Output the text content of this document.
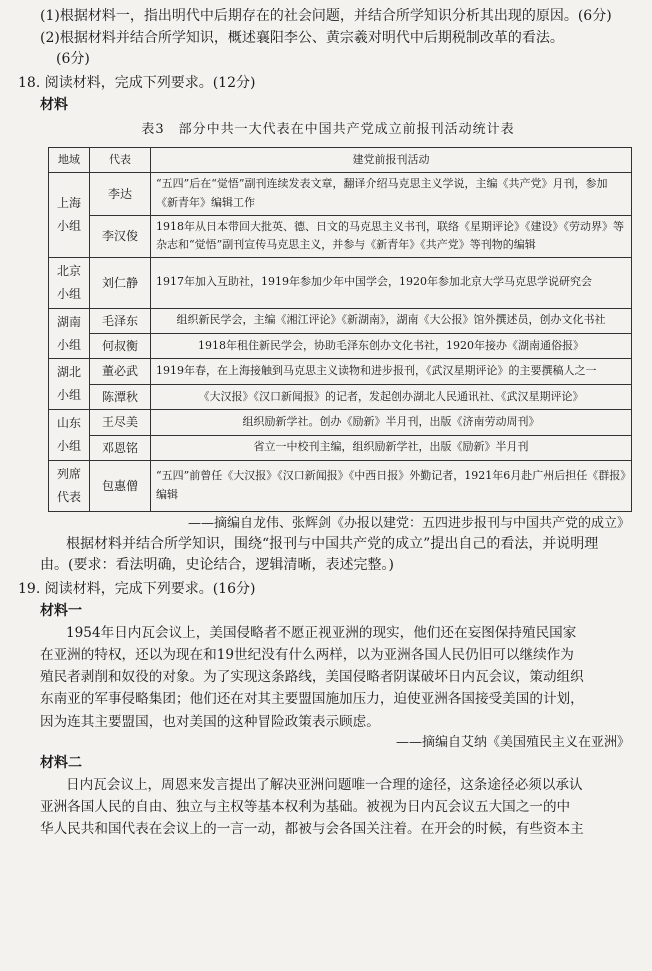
(1)根据材料一，指出明代中后期存在的社会问题，并结合所学知识分析其出现的原因。(6分)
(2)根据材料并结合所学知识，概述襄阳李公、黄宗羲对明代中后期税制改革的看法。
(6分)
18. 阅读材料，完成下列要求。(12分)
材料
表3　部分中共一大代表在中国共产党成立前报刊活动统计表
地域	代表	建党前报刊活动
上海小组	李达	“五四”后在“觉悟”副刊连续发表文章，翻译介绍马克思主义学说，主编《共产党》月刊，参加《新青年》编辑工作
	李汉俊	1918年从日本带回大批英、德、日文的马克思主义书刊，联络《星期评论》《建设》《劳动界》等杂志和“觉悟”副刊宣传马克思主义，并参与《新青年》《共产党》等刊物的编辑
北京小组	刘仁静	1917年加入互助社，1919年参加少年中国学会，1920年参加北京大学马克思学说研究会
湖南小组	毛泽东	组织新民学会，主编《湘江评论》《新湖南》，湖南《大公报》馆外撰述员，创办文化书社
	何叔衡	1918年租住新民学会，协助毛泽东创办文化书社，1920年接办《湖南通俗报》
湖北小组	董必武	1919年春，在上海接触到马克思主义读物和进步报刊，《武汉星期评论》的主要撰稿人之一
	陈潭秋	《大汉报》《汉口新闻报》的记者，发起创办湖北人民通讯社、《武汉星期评论》
山东小组	王尽美	组织励新学社。创办《励新》半月刊，出版《济南劳动周刊》
	邓恩铭	省立一中校刊主编，组织励新学社，出版《励新》半月刊
列席代表	包惠僧	“五四”前曾任《大汉报》《汉口新闻报》《中西日报》外勤记者，1921年6月赴广州后担任《群报》编辑
——摘编自龙伟、张辉剑《办报以建党：五四进步报刊与中国共产党的成立》
根据材料并结合所学知识，围绕“报刊与中国共产党的成立”提出自己的看法，并说明理
由。(要求：看法明确，史论结合，逻辑清晰，表述完整。)
19. 阅读材料，完成下列要求。(16分)
材料一
1954年日内瓦会议上，美国侵略者不愿正视亚洲的现实，他们还在妄图保持殖民国家
在亚洲的特权，还以为现在和19世纪没有什么两样，以为亚洲各国人民仍旧可以继续作为
殖民者剥削和奴役的对象。为了实现这条路线，美国侵略者阴谋破坏日内瓦会议，策动组织
东南亚的军事侵略集团；他们还在对其主要盟国施加压力，迫使亚洲各国接受美国的计划，
因为连其主要盟国，也对美国的这种冒险政策表示顾虑。
——摘编自艾纳《美国殖民主义在亚洲》
材料二
日内瓦会议上，周恩来发言提出了解决亚洲问题唯一合理的途径，这条途径必须以承认
亚洲各国人民的自由、独立与主权等基本权利为基础。被视为日内瓦会议五大国之一的中
华人民共和国代表在会议上的一言一动，都被与会各国关注着。在开会的时候，有些资本主
